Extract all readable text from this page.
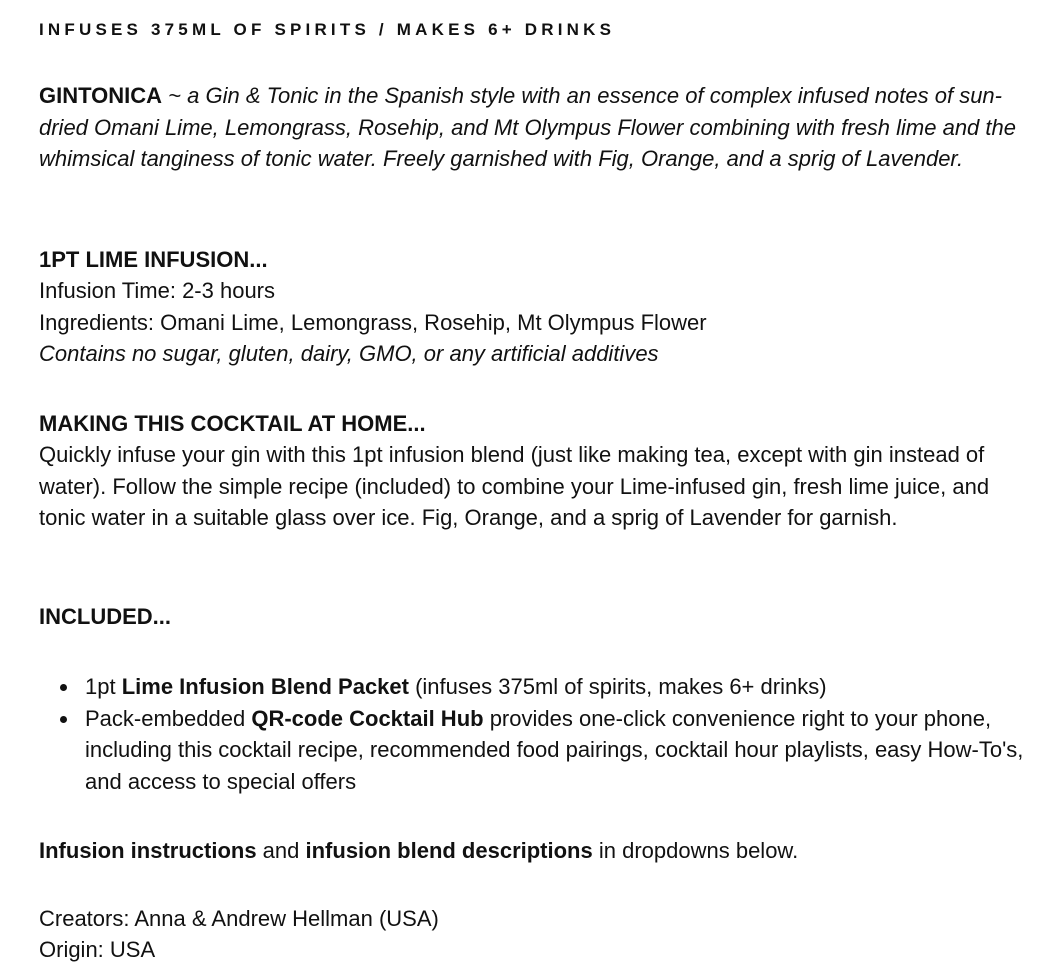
INFUSES 375ML OF SPIRITS / MAKES 6+ DRINKS

GINTONICA ~ a Gin & Tonic in the Spanish style with an essence of complex infused notes of sun-dried Omani Lime, Lemongrass, Rosehip, and Mt Olympus Flower combining with fresh lime and the whimsical tanginess of tonic water. Freely garnished with Fig, Orange, and a sprig of Lavender.

1PT LIME INFUSION...
Infusion Time: 2-3 hours
Ingredients: Omani Lime, Lemongrass, Rosehip, Mt Olympus Flower
Contains no sugar, gluten, dairy, GMO, or any artificial additives
MAKING THIS COCKTAIL AT HOME...

Quickly infuse your gin with this 1pt infusion blend (just like making tea, except with gin instead of water). Follow the simple recipe (included) to combine your Lime-infused gin, fresh lime juice, and tonic water in a suitable glass over ice. Fig, Orange, and a sprig of Lavender for garnish.

INCLUDED...
1pt Lime Infusion Blend Packet (infuses 375ml of spirits, makes 6+ drinks)
Pack-embedded QR-code Cocktail Hub provides one-click convenience right to your phone, including this cocktail recipe, recommended food pairings, cocktail hour playlists, easy How-To's, and access to special offers
Infusion instructions and infusion blend descriptions in dropdowns below.
Creators: Anna & Andrew Hellman (USA)
Origin: USA
